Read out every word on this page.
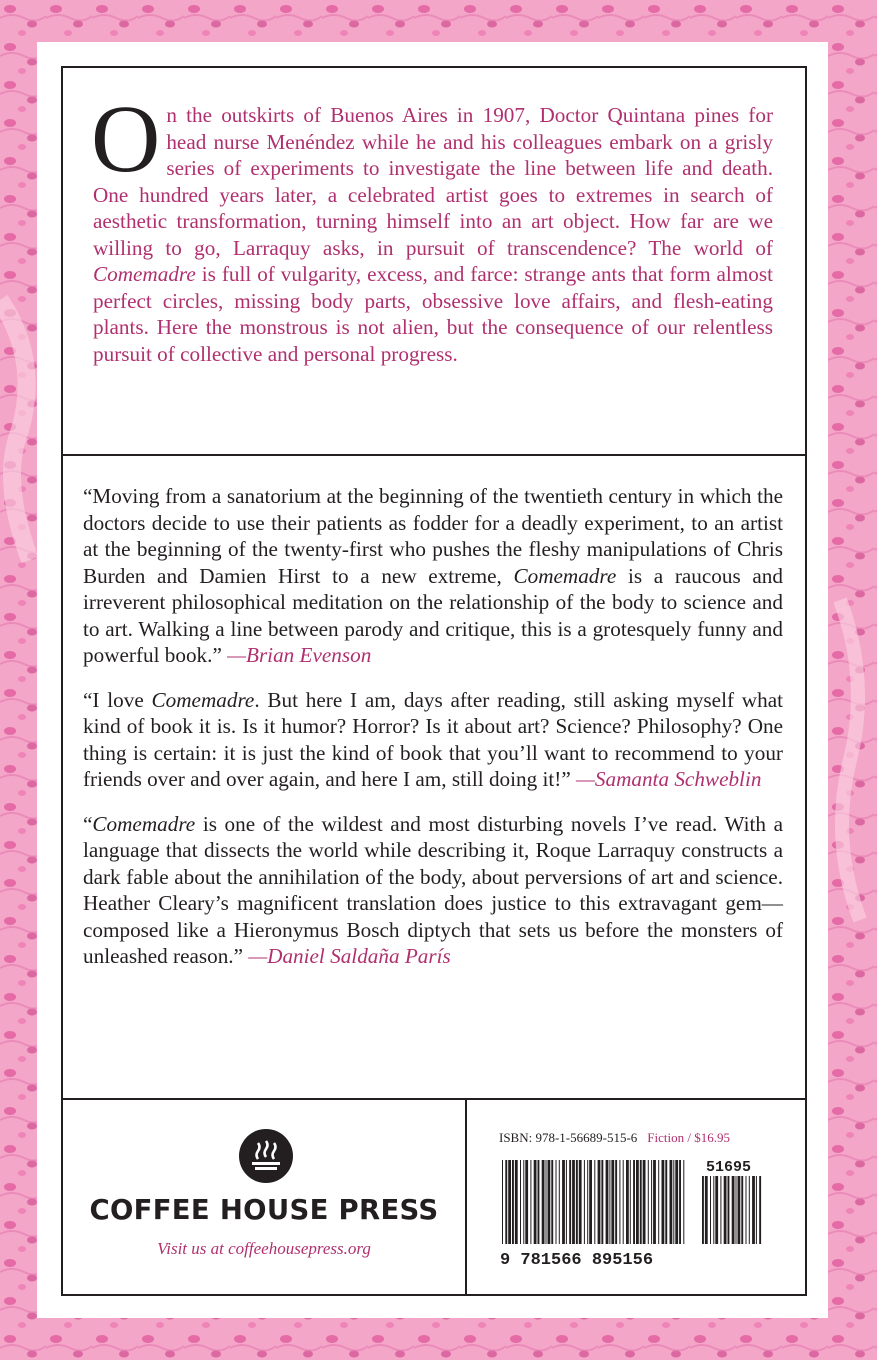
On the outskirts of Buenos Aires in 1907, Doctor Quintana pines for head nurse Menéndez while he and his colleagues embark on a grisly series of experiments to investigate the line between life and death. One hundred years later, a celebrated artist goes to extremes in search of aesthetic transformation, turning himself into an art object. How far are we willing to go, Larraquy asks, in pursuit of transcendence? The world of Comemadre is full of vulgarity, excess, and farce: strange ants that form almost perfect circles, missing body parts, obsessive love affairs, and flesh-eating plants. Here the monstrous is not alien, but the consequence of our relentless pursuit of collective and personal progress.

“Moving from a sanatorium at the beginning of the twentieth century in which the doctors decide to use their patients as fodder for a deadly experiment, to an artist at the beginning of the twenty-first who pushes the fleshy manipulations of Chris Burden and Damien Hirst to a new extreme, Comemadre is a raucous and irreverent philosophical meditation on the relationship of the body to science and to art. Walking a line between parody and critique, this is a grotesquely funny and powerful book.” —Brian Evenson

“I love Comemadre. But here I am, days after reading, still asking myself what kind of book it is. Is it humor? Horror? Is it about art? Science? Philosophy? One thing is certain: it is just the kind of book that you’ll want to recommend to your friends over and over again, and here I am, still doing it!” —Samanta Schweblin

“Comemadre is one of the wildest and most disturbing novels I’ve read. With a language that dissects the world while describing it, Roque Larraquy constructs a dark fable about the annihilation of the body, about perversions of art and science. Heather Cleary’s magnificent translation does justice to this extravagant gem—composed like a Hieronymus Bosch diptych that sets us before the monsters of unleashed reason.” —Daniel Saldaña París

COFFEE HOUSE PRESS
Visit us at coffeehousepress.org
ISBN: 978-1-56689-515-6 Fiction / $16.95
51695
9 781566 895156
